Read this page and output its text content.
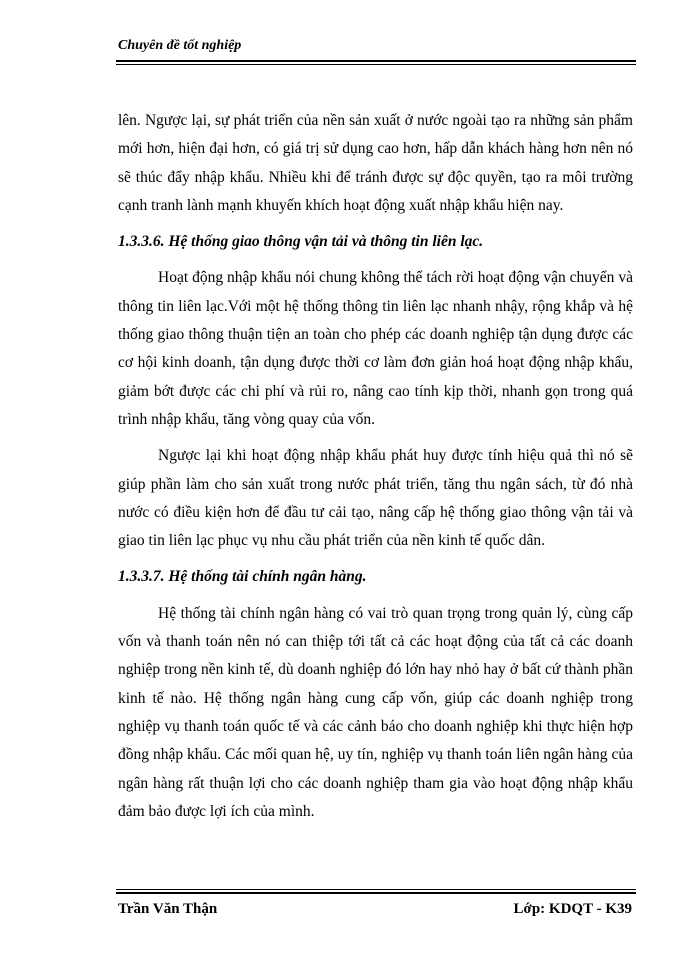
Chuyên đề tốt nghiệp

lên. Ngược lại, sự phát triển của nền sản xuất ở nước ngoài tạo ra những sản phẩm mới hơn, hiện đại hơn, có giá trị sử dụng cao hơn, hấp dẫn khách hàng hơn nên nó sẽ thúc đẩy nhập khẩu. Nhiều khi để tránh được sự độc quyền, tạo ra môi trường cạnh tranh lành mạnh khuyến khích hoạt động xuất nhập khẩu hiện nay.

1.3.3.6. Hệ thống giao thông vận tải và thông tin liên lạc.

Hoạt động nhập khẩu nói chung không thể tách rời hoạt động vận chuyển và thông tin liên lạc.Với một hệ thống thông tin liên lạc nhanh nhậy, rộng khắp và hệ thống giao thông thuận tiện an toàn cho phép các doanh nghiệp tận dụng được các cơ hội kinh doanh, tận dụng được thời cơ làm đơn giản hoá hoạt động nhập khẩu, giảm bớt được các chi phí và rủi ro, nâng cao tính kịp thời, nhanh gọn trong quá trình nhập khẩu, tăng vòng quay của vốn.

Ngược lại khi hoạt động nhập khẩu phát huy được tính hiệu quả thì nó sẽ giúp phần làm cho sản xuất trong nước phát triển, tăng thu ngân sách, từ đó nhà nước có điều kiện hơn để đầu tư cải tạo, nâng cấp hệ thống giao thông vận tải và giao tin liên lạc phục vụ nhu cầu phát triển của nền kinh tế quốc dân.

1.3.3.7. Hệ thống tài chính ngân hàng.

Hệ thống tài chính ngân hàng có vai trò quan trọng trong quản lý, cùng cấp vốn và thanh toán nên nó can thiệp tới tất cả các hoạt động của tất cả các doanh nghiệp trong nền kinh tế, dù doanh nghiệp đó lớn hay nhỏ hay ở bất cứ thành phần kinh tế nào. Hệ thống ngân hàng cung cấp vốn, giúp các doanh nghiệp trong nghiệp vụ thanh toán quốc tế và các cảnh báo cho doanh nghiệp khi thực hiện hợp đồng nhập khẩu. Các mối quan hệ, uy tín, nghiệp vụ thanh toán liên ngân hàng của ngân hàng rất thuận lợi cho các doanh nghiệp tham gia vào hoạt động nhập khẩu đảm bảo được lợi ích của mình.

Trần Văn Thận	Lớp: KDQT - K39
